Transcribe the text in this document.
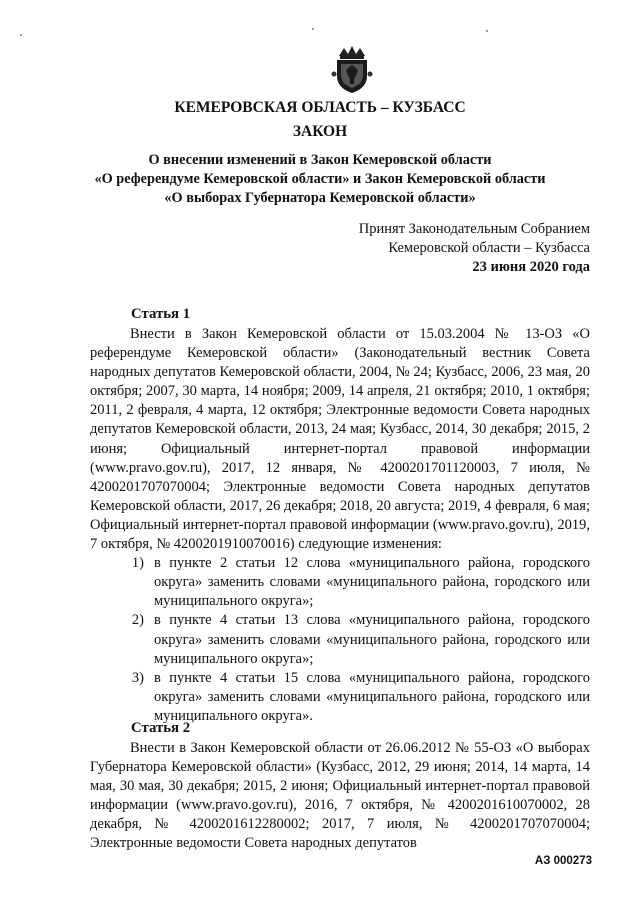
КЕМЕРОВСКАЯ ОБЛАСТЬ – КУЗБАСС
ЗАКОН
О внесении изменений в Закон Кемеровской области
«О референдуме Кемеровской области» и Закон Кемеровской области
«О выборах Губернатора Кемеровской области»
Принят Законодательным Собранием
Кемеровской области – Кузбасса
23 июня 2020 года
Статья 1

Внести в Закон Кемеровской области от 15.03.2004 № 13-ОЗ «О референдуме Кемеровской области» (Законодательный вестник Совета народных депутатов Кемеровской области, 2004, № 24; Кузбасс, 2006, 23 мая, 20 октября; 2007, 30 марта, 14 ноября; 2009, 14 апреля, 21 октября; 2010, 1 октября; 2011, 2 февраля, 4 марта, 12 октября; Электронные ведомости Совета народных депутатов Кемеровской области, 2013, 24 мая; Кузбасс, 2014, 30 декабря; 2015, 2 июня; Официальный интернет-портал правовой информации (www.pravo.gov.ru), 2017, 12 января, № 4200201701120003, 7 июля, № 4200201707070004; Электронные ведомости Совета народных депутатов Кемеровской области, 2017, 26 декабря; 2018, 20 августа; 2019, 4 февраля, 6 мая; Официальный интернет-портал правовой информации (www.pravo.gov.ru), 2019, 7 октября, № 4200201910070016) следующие изменения:

1) в пункте 2 статьи 12 слова «муниципального района, городского округа» заменить словами «муниципального района, городского или муниципального округа»;
2) в пункте 4 статьи 13 слова «муниципального района, городского округа» заменить словами «муниципального района, городского или муниципального округа»;
3) в пункте 4 статьи 15 слова «муниципального района, городского округа» заменить словами «муниципального района, городского или муниципального округа».
Статья 2

Внести в Закон Кемеровской области от 26.06.2012 № 55-ОЗ «О выборах Губернатора Кемеровской области» (Кузбасс, 2012, 29 июня; 2014, 14 марта, 14 мая, 30 мая, 30 декабря; 2015, 2 июня; Официальный интернет-портал правовой информации (www.pravo.gov.ru), 2016, 7 октября, № 4200201610070002, 28 декабря, № 4200201612280002; 2017, 7 июля, № 4200201707070004; Электронные ведомости Совета народных депутатов

АЗ 000273
